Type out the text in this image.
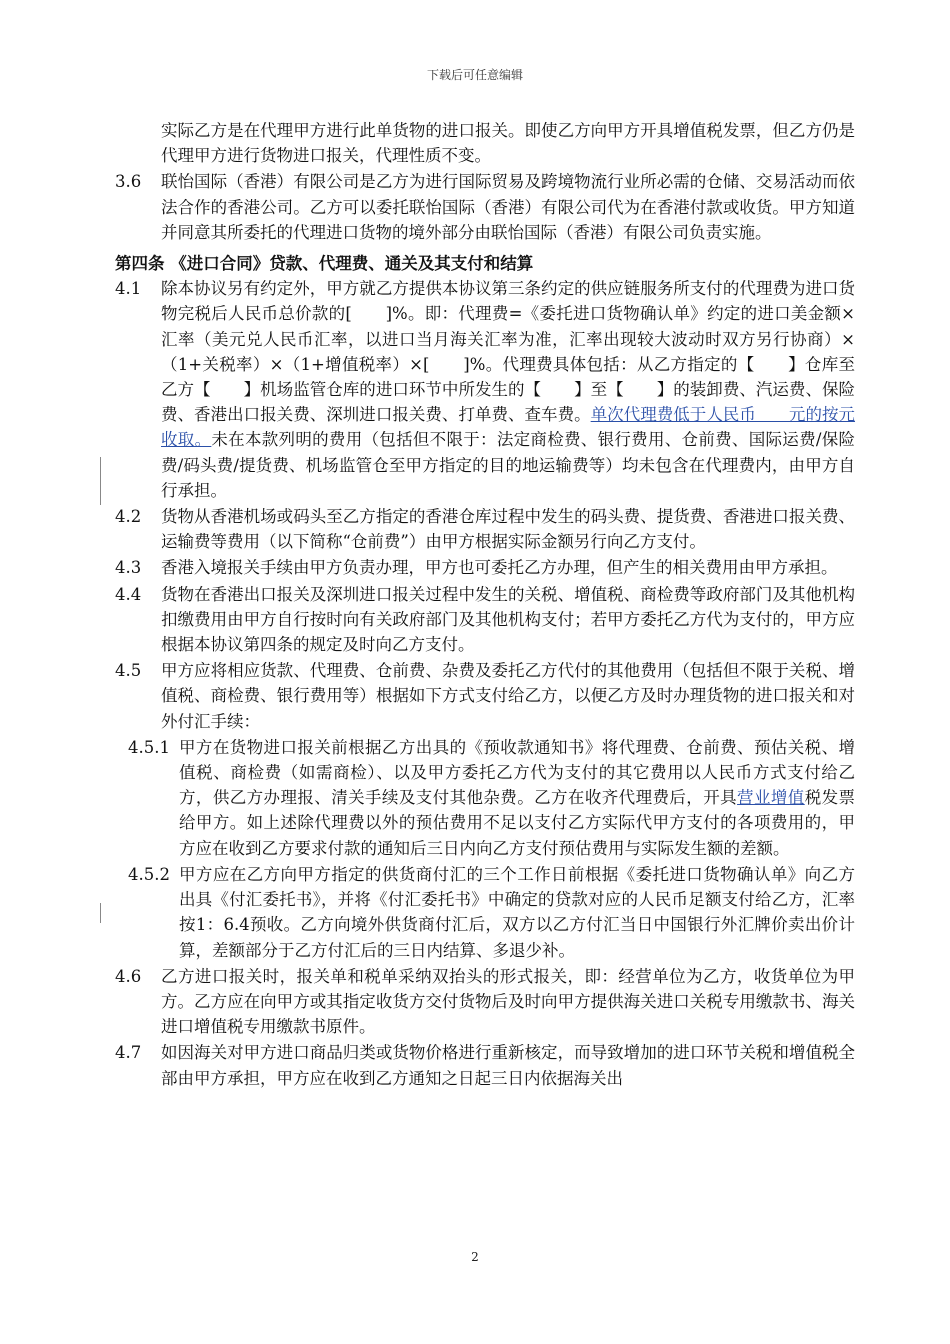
下载后可任意编辑
实际乙方是在代理甲方进行此单货物的进口报关。即使乙方向甲方开具增值税发票，但乙方仍是代理甲方进行货物进口报关，代理性质不变。
3.6 联怡国际（香港）有限公司是乙方为进行国际贸易及跨境物流行业所必需的仓储、交易活动而依法合作的香港公司。乙方可以委托联怡国际（香港）有限公司代为在香港付款或收货。甲方知道并同意其所委托的代理进口货物的境外部分由联怡国际（香港）有限公司负责实施。
第四条 《进口合同》贷款、代理费、通关及其支付和结算
4.1 除本协议另有约定外，甲方就乙方提供本协议第三条约定的供应链服务所支付的代理费为进口货物完税后人民币总价款的[　　]%。即：代理费=《委托进口货物确认单》约定的进口美金额×汇率（美元兑人民币汇率，以进口当月海关汇率为准，汇率出现较大波动时双方另行协商）×（1+关税率）×（1+增值税率）×[　　]%。代理费具体包括：从乙方指定的【　　】仓库至乙方【　　】机场监管仓库的进口环节中所发生的【　　】至【　　】的装卸费、汽运费、保险费、香港出口报关费、深圳进口报关费、打单费、查车费。单次代理费低于人民币　　元的按元收取。未在本款列明的费用（包括但不限于：法定商检费、银行费用、仓前费、国际运费/保险费/码头费/提货费、机场监管仓至甲方指定的目的地运输费等）均未包含在代理费内，由甲方自行承担。
4.2 货物从香港机场或码头至乙方指定的香港仓库过程中发生的码头费、提货费、香港进口报关费、运输费等费用（以下简称“仓前费”）由甲方根据实际金额另行向乙方支付。
4.3 香港入境报关手续由甲方负责办理，甲方也可委托乙方办理，但产生的相关费用由甲方承担。
4.4 货物在香港出口报关及深圳进口报关过程中发生的关税、增值税、商检费等政府部门及其他机构扣缴费用由甲方自行按时向有关政府部门及其他机构支付；若甲方委托乙方代为支付的，甲方应根据本协议第四条的规定及时向乙方支付。
4.5 甲方应将相应货款、代理费、仓前费、杂费及委托乙方代付的其他费用（包括但不限于关税、增值税、商检费、银行费用等）根据如下方式支付给乙方，以便乙方及时办理货物的进口报关和对外付汇手续：
4.5.1 甲方在货物进口报关前根据乙方出具的《预收款通知书》将代理费、仓前费、预估关税、增值税、商检费（如需商检）、以及甲方委托乙方代为支付的其它费用以人民币方式支付给乙方，供乙方办理报、清关手续及支付其他杂费。乙方在收齐代理费后，开具营业增值税发票给甲方。如上述除代理费以外的预估费用不足以支付乙方实际代甲方支付的各项费用的，甲方应在收到乙方要求付款的通知后三日内向乙方支付预估费用与实际发生额的差额。
4.5.2 甲方应在乙方向甲方指定的供货商付汇的三个工作日前根据《委托进口货物确认单》向乙方出具《付汇委托书》，并将《付汇委托书》中确定的贷款对应的人民币足额支付给乙方，汇率按1：6.4预收。乙方向境外供货商付汇后，双方以乙方付汇当日中国银行外汇牌价卖出价计算，差额部分于乙方付汇后的三日内结算、多退少补。
4.6 乙方进口报关时，报关单和税单采纳双抬头的形式报关，即：经营单位为乙方，收货单位为甲方。乙方应在向甲方或其指定收货方交付货物后及时向甲方提供海关进口关税专用缴款书、海关进口增值税专用缴款书原件。
4.7 如因海关对甲方进口商品归类或货物价格进行重新核定，而导致增加的进口环节关税和增值税全部由甲方承担，甲方应在收到乙方通知之日起三日内依据海关出
2
